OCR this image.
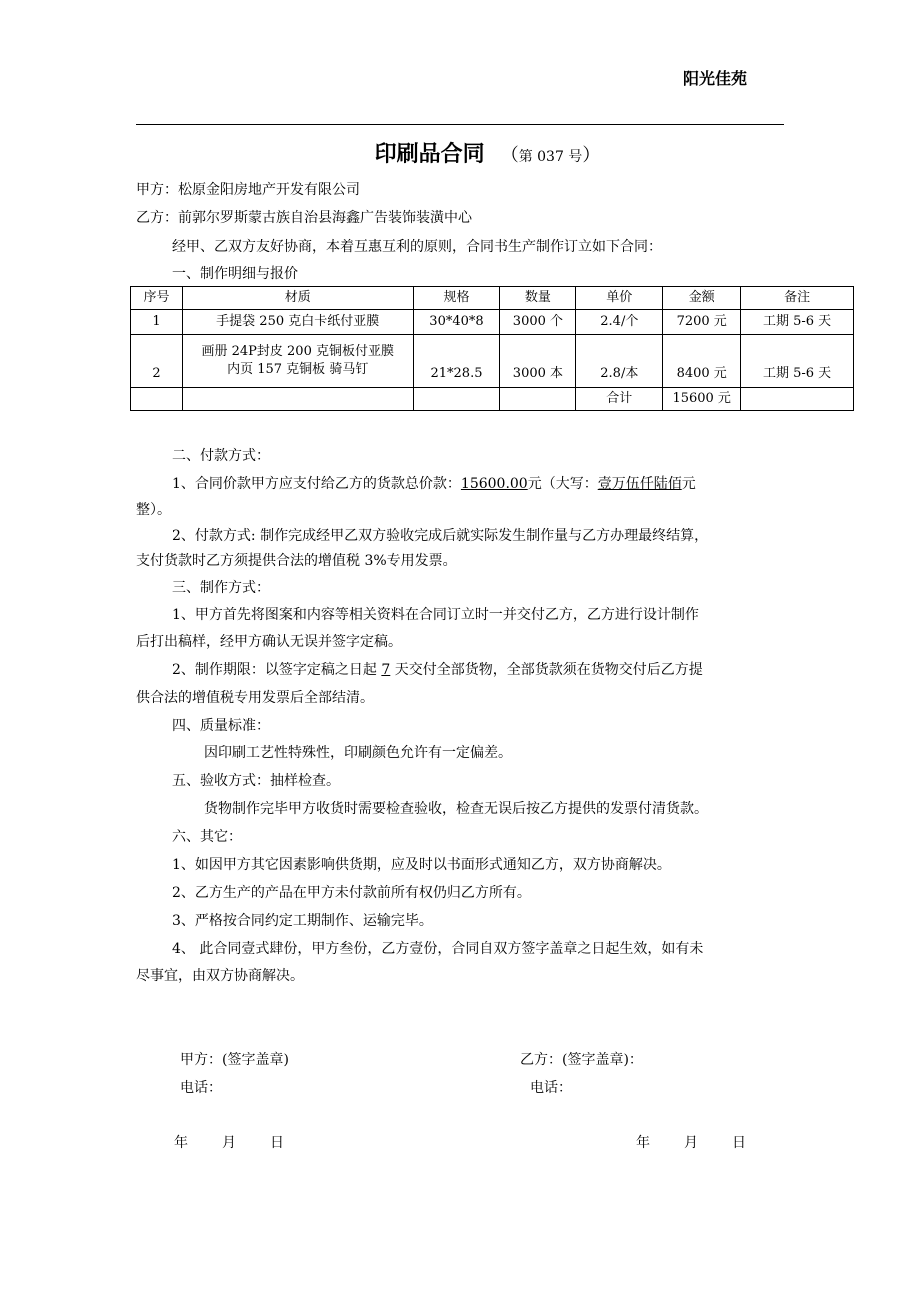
阳光佳苑
印刷品合同 （第 037 号）
甲方：松原金阳房地产开发有限公司
乙方：前郭尔罗斯蒙古族自治县海鑫广告装饰装潢中心
经甲、乙双方友好协商，本着互惠互利的原则，合同书生产制作订立如下合同：
一、制作明细与报价
序号	材质	规格	数量	单价	金额	备注
1	手提袋 250 克白卡纸付亚膜	30*40*8	3000 个	2.4/个	7200 元	工期 5-6 天
2	画册 24P封皮 200 克铜板付亚膜
内页 157 克铜板 骑马钉	21*28.5	3000 本	2.8/本	8400 元	工期 5-6 天
				合计	15600 元	
二、付款方式：
1、合同价款甲方应支付给乙方的货款总价款：15600.00元（大写：壹万伍仟陆佰元
整）。
2、付款方式: 制作完成经甲乙双方验收完成后就实际发生制作量与乙方办理最终结算，
支付货款时乙方须提供合法的增值税 3%专用发票。
三、制作方式：
1、甲方首先将图案和内容等相关资料在合同订立时一并交付乙方，乙方进行设计制作
后打出稿样，经甲方确认无误并签字定稿。
2、制作期限：以签字定稿之日起 7 天交付全部货物，全部货款须在货物交付后乙方提
供合法的增值税专用发票后全部结清。
四、质量标准：
因印刷工艺性特殊性，印刷颜色允许有一定偏差。
五、验收方式：抽样检查。
货物制作完毕甲方收货时需要检查验收，检查无误后按乙方提供的发票付清货款。
六、其它：
1、如因甲方其它因素影响供货期，应及时以书面形式通知乙方，双方协商解决。
2、乙方生产的产品在甲方未付款前所有权仍归乙方所有。
3、严格按合同约定工期制作、运输完毕。
4、 此合同壹式肆份，甲方叁份，乙方壹份，合同自双方签字盖章之日起生效，如有未
尽事宜，由双方协商解决。
甲方：(签字盖章)
电话：
乙方：(签字盖章)：
电话：
年 月 日	年 月 日
